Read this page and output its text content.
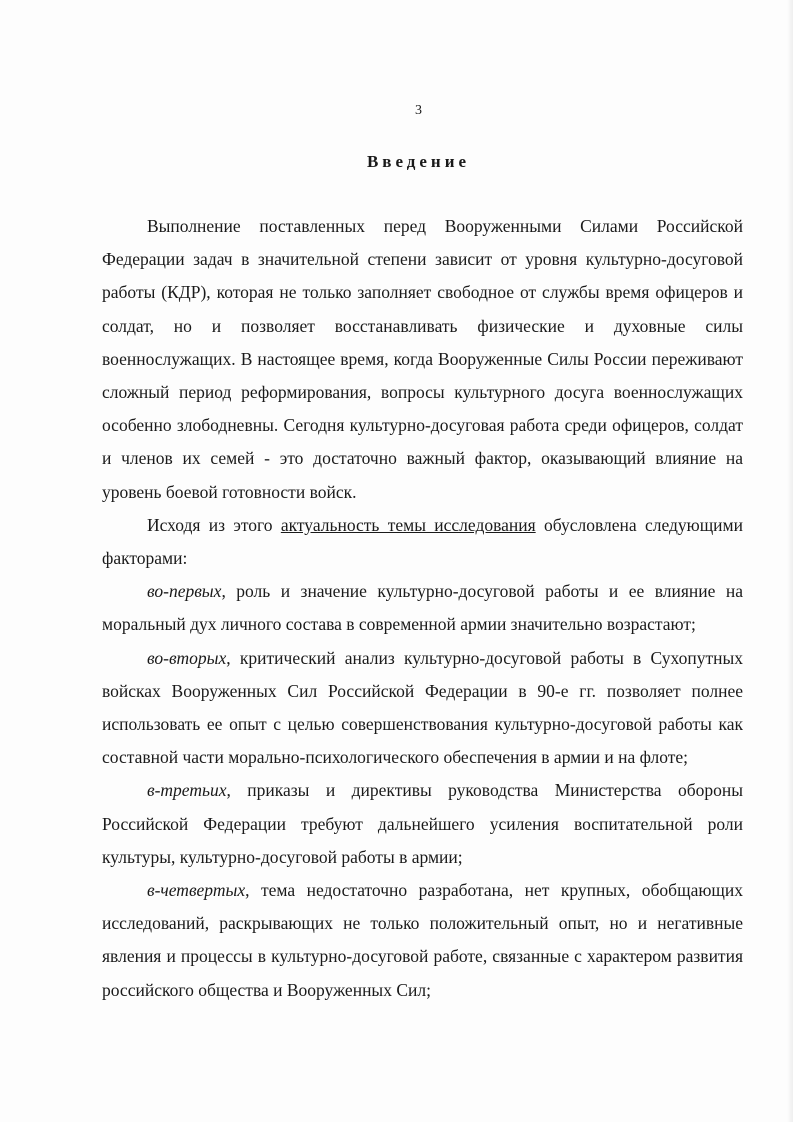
3
Введение

Выполнение поставленных перед Вооруженными Силами Российской Федерации задач в значительной степени зависит от уровня культурно-досуговой работы (КДР), которая не только заполняет свободное от службы время офицеров и солдат, но и позволяет восстанавливать физические и духовные силы военнослужащих. В настоящее время, когда Вооруженные Силы России переживают сложный период реформирования, вопросы культурного досуга военнослужащих особенно злободневны. Сегодня культурно-досуговая работа среди офицеров, солдат и членов их семей - это достаточно важный фактор, оказывающий влияние на уровень боевой готовности войск.

Исходя из этого актуальность темы исследования обусловлена следующими факторами:

во-первых, роль и значение культурно-досуговой работы и ее влияние на моральный дух личного состава в современной армии значительно возрастают;

во-вторых, критический анализ культурно-досуговой работы в Сухопутных войсках Вооруженных Сил Российской Федерации в 90-е гг. позволяет полнее использовать ее опыт с целью совершенствования культурно-досуговой работы как составной части морально-психологического обеспечения в армии и на флоте;

в-третьих, приказы и директивы руководства Министерства обороны Российской Федерации требуют дальнейшего усиления воспитательной роли культуры, культурно-досуговой работы в армии;

в-четвертых, тема недостаточно разработана, нет крупных, обобщающих исследований, раскрывающих не только положительный опыт, но и негативные явления и процессы в культурно-досуговой работе, связанные с характером развития российского общества и Вооруженных Сил;
